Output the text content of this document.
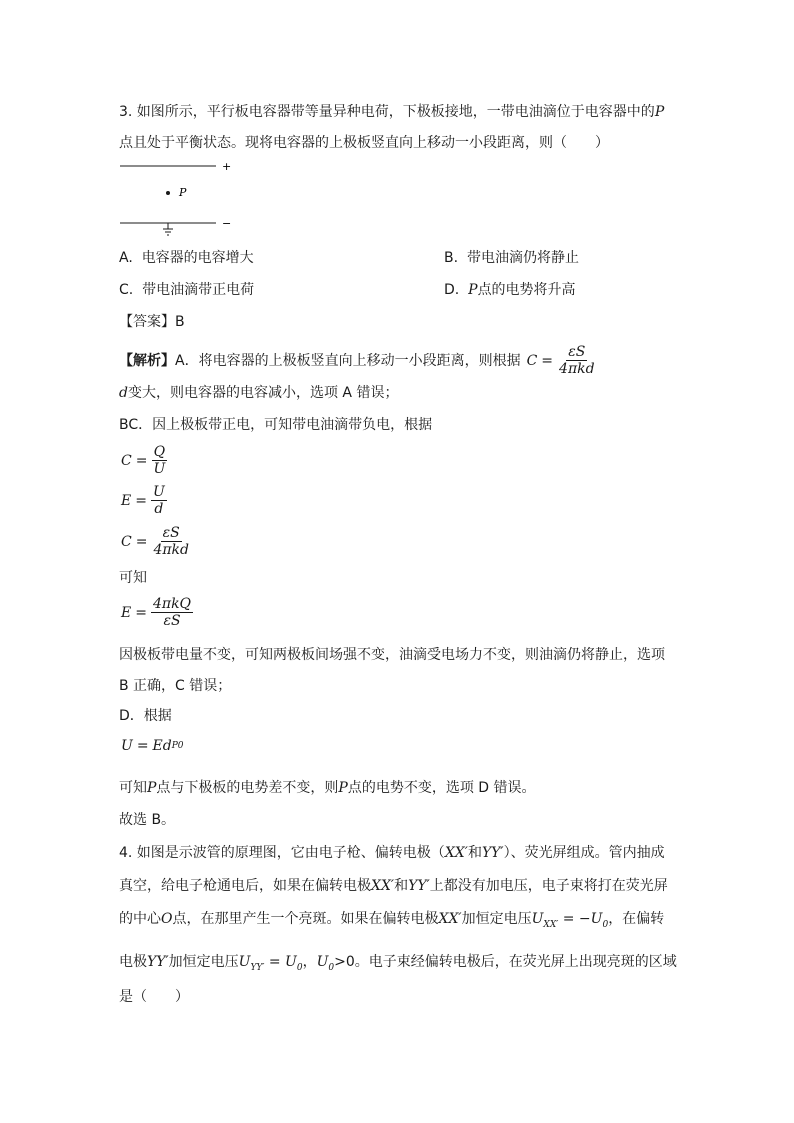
3. 如图所示，平行板电容器带等量异种电荷，下极板接地，一带电油滴位于电容器中的P
点且处于平衡状态。现将电容器的上极板竖直向上移动一小段距离，则（　　）
+
P
−
A. 电容器的电容增大	B. 带电油滴仍将静止
C. 带电油滴带正电荷	D. P点的电势将升高
【答案】B
【解析】 A．将电容器的上极板竖直向上移动一小段距离，则根据 $C = \frac{\varepsilon S}{\text{4πkd}}$
d变大，则电容器的电容减小，选项 A 错误；
BC．因上极板带正电，可知带电油滴带负电，根据
$C = \frac{Q}{U}$
$E = \frac{U}{d}$
$C = \frac{\varepsilon S}{\text{4πkd}}$
可知
$E = \frac{\text{4πkQ}}{\varepsilon S}$
因极板带电量不变，可知两极板间场强不变，油滴受电场力不变，则油滴仍将静止，选项
B 正确，C 错误；
D．根据
U = Ed P0
可知P点与下极板的电势差不变，则P点的电势不变，选项 D 错误。
故选 B。
4. 如图是示波管的原理图，它由电子枪、偏转电极（XX′和YY′）、荧光屏组成。管内抽成
真空，给电子枪通电后，如果在偏转电极XX′和YY′上都没有加电压，电子束将打在荧光屏
的中心O点，在那里产生一个亮斑。如果在偏转电极XX′加恒定电压$U_{XX'} = -U_0$，在偏转
电极YY′加恒定电压$U_{YY'} = U_0$，$U_0>0$。电子束经偏转电极后，在荧光屏上出现亮斑的区域
是（　　）
